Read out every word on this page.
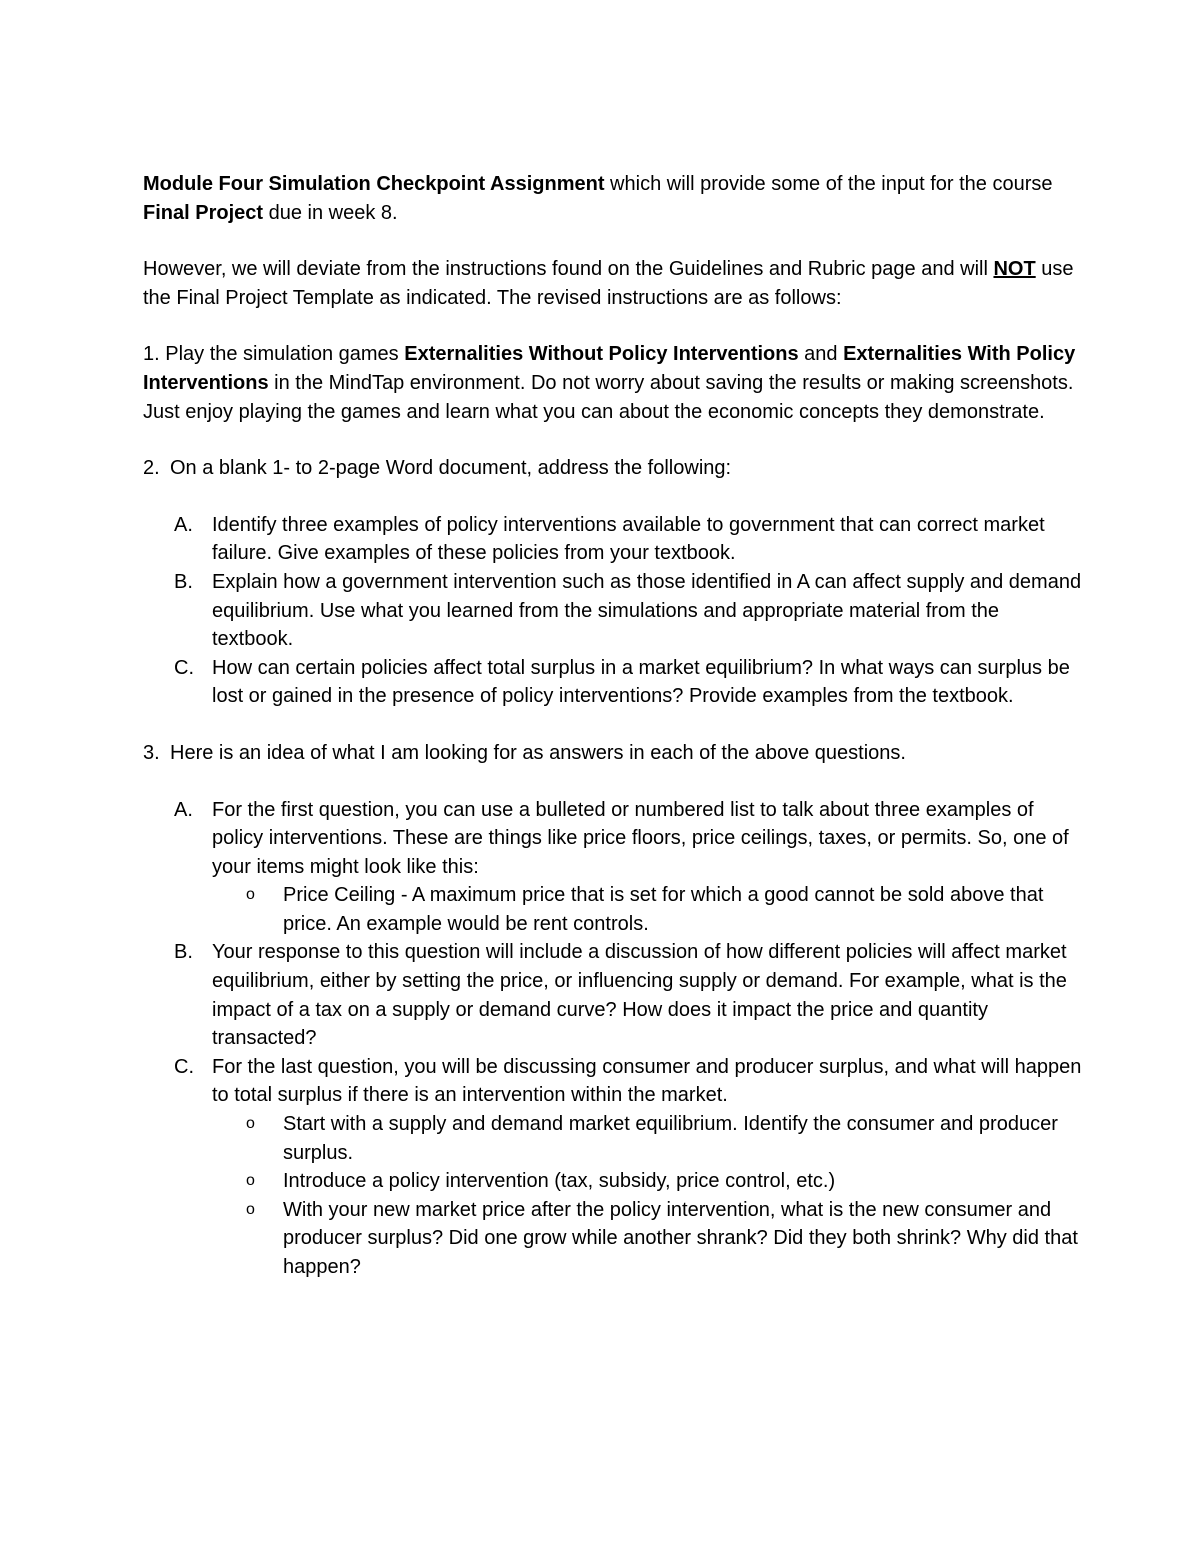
Module Four Simulation Checkpoint Assignment which will provide some of the input for the course Final Project due in week 8.

However, we will deviate from the instructions found on the Guidelines and Rubric page and will NOT use the Final Project Template as indicated. The revised instructions are as follows:

1. Play the simulation games Externalities Without Policy Interventions and Externalities With Policy Interventions in the MindTap environment. Do not worry about saving the results or making screenshots. Just enjoy playing the games and learn what you can about the economic concepts they demonstrate.

2. On a blank 1- to 2-page Word document, address the following:

A. Identify three examples of policy interventions available to government that can correct market failure. Give examples of these policies from your textbook.

B. Explain how a government intervention such as those identified in A can affect supply and demand equilibrium. Use what you learned from the simulations and appropriate material from the textbook.

C. How can certain policies affect total surplus in a market equilibrium? In what ways can surplus be lost or gained in the presence of policy interventions? Provide examples from the textbook.

3. Here is an idea of what I am looking for as answers in each of the above questions.

A. For the first question, you can use a bulleted or numbered list to talk about three examples of policy interventions. These are things like price floors, price ceilings, taxes, or permits. So, one of your items might look like this:

o Price Ceiling - A maximum price that is set for which a good cannot be sold above that price. An example would be rent controls.

B. Your response to this question will include a discussion of how different policies will affect market equilibrium, either by setting the price, or influencing supply or demand. For example, what is the impact of a tax on a supply or demand curve? How does it impact the price and quantity transacted?

C. For the last question, you will be discussing consumer and producer surplus, and what will happen to total surplus if there is an intervention within the market.

o Start with a supply and demand market equilibrium. Identify the consumer and producer surplus.

o Introduce a policy intervention (tax, subsidy, price control, etc.)

o With your new market price after the policy intervention, what is the new consumer and producer surplus? Did one grow while another shrank? Did they both shrink? Why did that happen?
